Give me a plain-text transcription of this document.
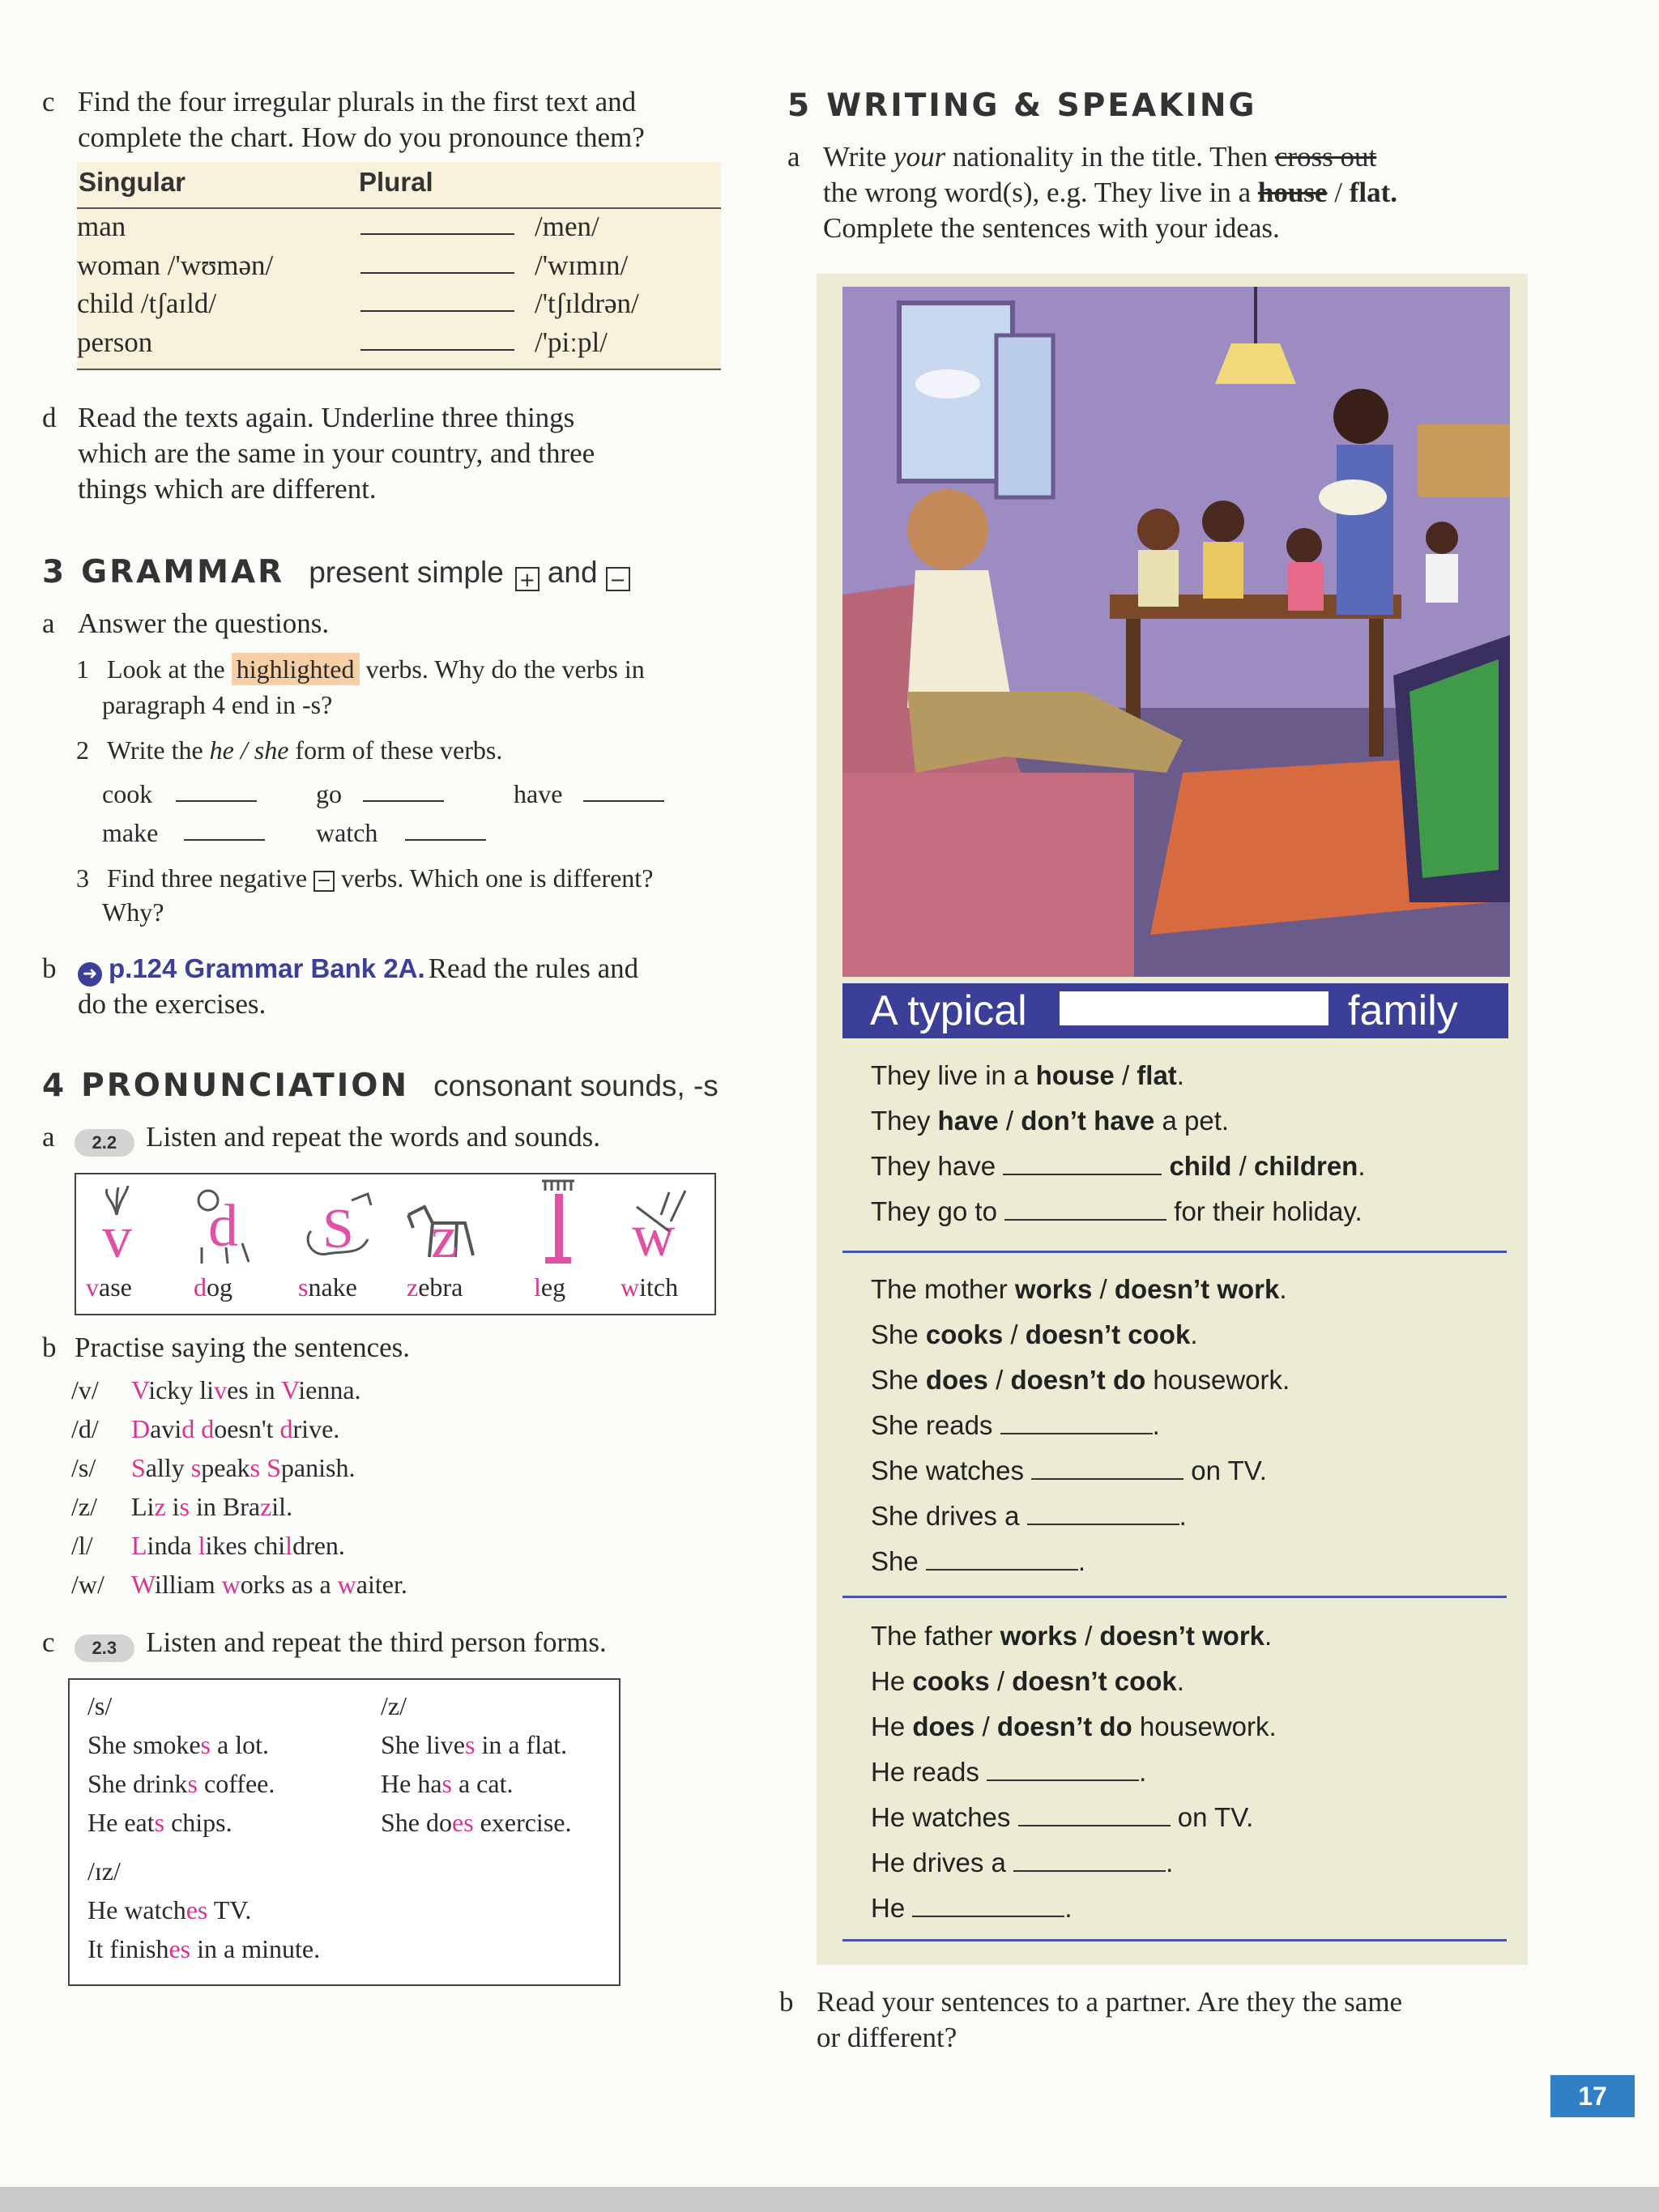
c Find the four irregular plurals in the first text and
complete the chart. How do you pronounce them?
Singular	Plural
man	/men/
woman /'wʊmən/	/'wɪmɪn/
child /tʃaɪld/	/'tʃɪldrən/
person	/'piːpl/
d Read the texts again. Underline three things
which are the same in your country, and three
things which are different.
3 GRAMMAR present simple + and −
a Answer the questions.
1 Look at the highlighted verbs. Why do the verbs in
paragraph 4 end in -s?
2 Write the he / she form of these verbs.
cook	go	have
make	watch
3 Find three negative − verbs. Which one is different?
Why?
b ➜ p.124 Grammar Bank 2A. Read the rules and
do the exercises.
4 PRONUNCIATION consonant sounds, -s
a 2.2 Listen and repeat the words and sounds.
v
vase
d
dog
S
snake
z
zebra	leg
w
witch
b Practise saying the sentences.
/v/ Vicky lives in Vienna.
/d/ David doesn't drive.
/s/ Sally speaks Spanish.
/z/ Liz is in Brazil.
/l/ Linda likes children.
/w/ William works as a waiter.
c 2.3 Listen and repeat the third person forms.
/s/
She smokes a lot.
She drinks coffee.
He eats chips.
/z/
She lives in a flat.
He has a cat.
She does exercise.
/ɪz/
He watches TV.
It finishes in a minute.
5 WRITING & SPEAKING
a Write your nationality in the title. Then cross out
the wrong word(s), e.g. They live in a house / flat.
Complete the sentences with your ideas.
A typical	family
They live in a house / flat.
They have / don’t have a pet.
They have	child / children.
They go to	for their holiday.
The mother works / doesn’t work.
She cooks / doesn’t cook.
She does / doesn’t do housework.
She reads	.
She watches	on TV.
She drives a	.
She	.
The father works / doesn’t work.
He cooks / doesn’t cook.
He does / doesn’t do housework.
He reads	.
He watches	on TV.
He drives a	.
He	.
b Read your sentences to a partner. Are they the same
or different?
17
